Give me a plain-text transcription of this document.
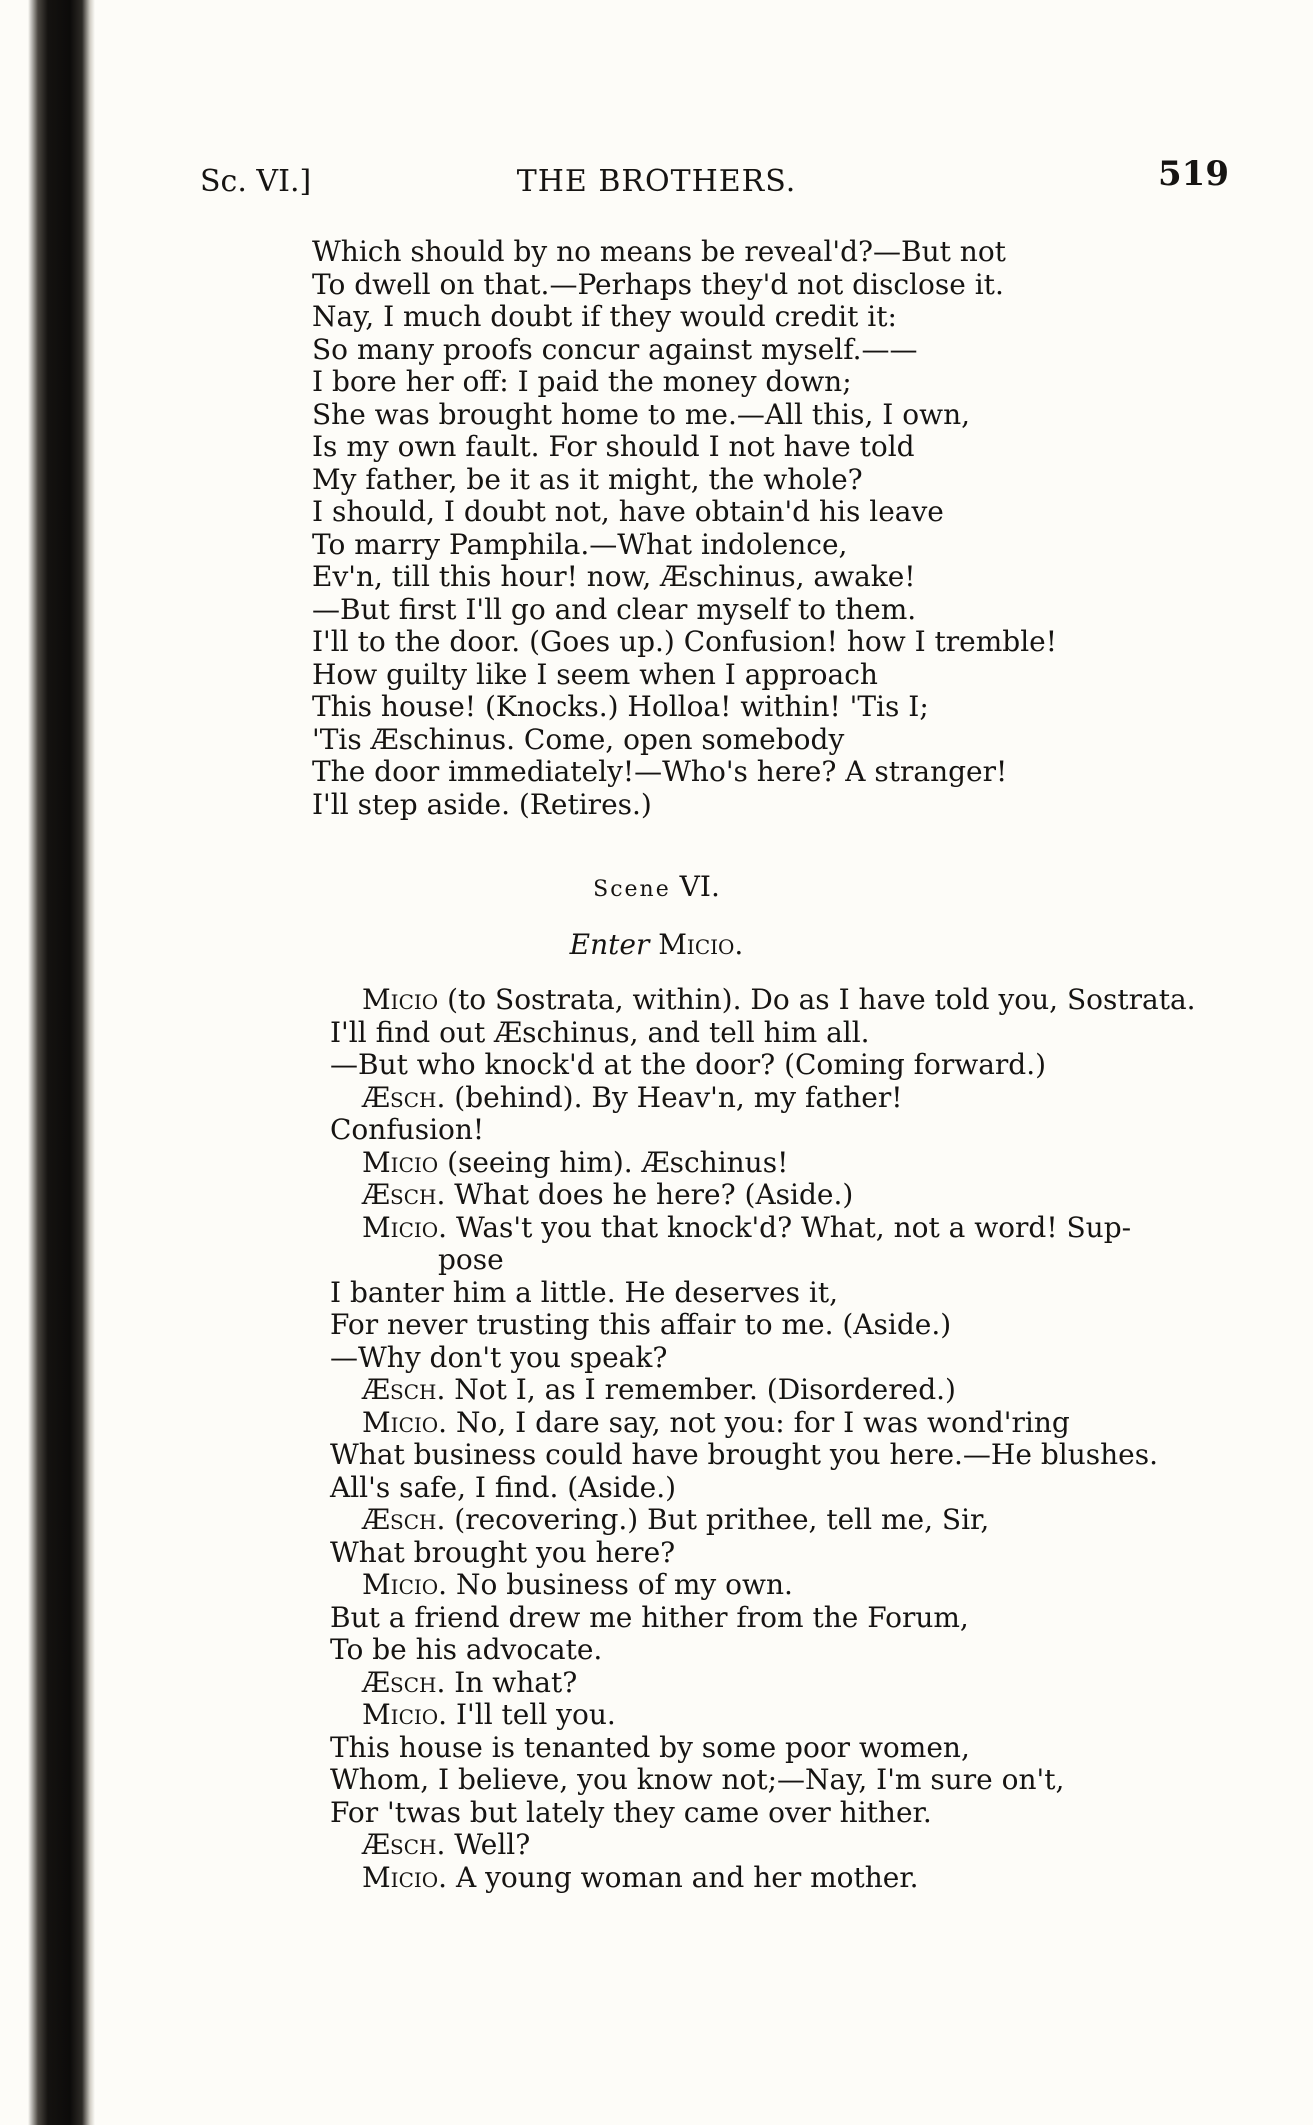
Sc. VI.]	THE BROTHERS.	519
Which should by no means be reveal'd?—But not
To dwell on that.—Perhaps they'd not disclose it.
Nay, I much doubt if they would credit it:
So many proofs concur against myself.——
I bore her off: I paid the money down;
She was brought home to me.—All this, I own,
Is my own fault. For should I not have told
My father, be it as it might, the whole?
I should, I doubt not, have obtain'd his leave
To marry Pamphila.—What indolence,
Ev'n, till this hour! now, Æschinus, awake!
—But first I'll go and clear myself to them.
I'll to the door. (Goes up.) Confusion! how I tremble!
How guilty like I seem when I approach
This house! (Knocks.) Holloa! within! 'Tis I;
'Tis Æschinus. Come, open somebody
The door immediately!—Who's here? A stranger!
I'll step aside. (Retires.)
Scene VI.
Enter Micio.
Micio (to Sostrata, within). Do as I have told you, Sostrata.
I'll find out Æschinus, and tell him all.
—But who knock'd at the door? (Coming forward.)
Æsch. (behind). By Heav'n, my father!
Confusion!
Micio (seeing him). Æschinus!
Æsch. What does he here? (Aside.)
Micio. Was't you that knock'd? What, not a word! Sup-
pose
I banter him a little. He deserves it,
For never trusting this affair to me. (Aside.)
—Why don't you speak?
Æsch. Not I, as I remember. (Disordered.)
Micio. No, I dare say, not you: for I was wond'ring
What business could have brought you here.—He blushes.
All's safe, I find. (Aside.)
Æsch. (recovering.) But prithee, tell me, Sir,
What brought you here?
Micio. No business of my own.
But a friend drew me hither from the Forum,
To be his advocate.
Æsch. In what?
Micio. I'll tell you.
This house is tenanted by some poor women,
Whom, I believe, you know not;—Nay, I'm sure on't,
For 'twas but lately they came over hither.
Æsch. Well?
Micio. A young woman and her mother.
